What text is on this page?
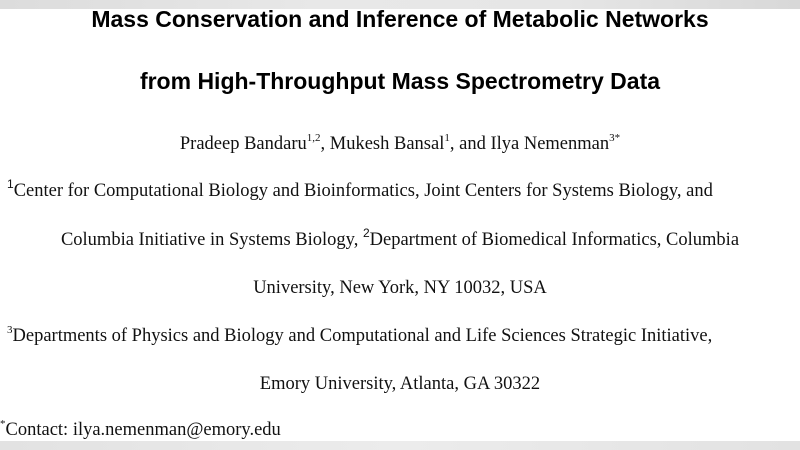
Mass Conservation and Inference of Metabolic Networks
from High-Throughput Mass Spectrometry Data
Pradeep Bandaru$^{1,2}$, Mukesh Bansal$^1$, and Ilya Nemenman$^{3*}$
$^1$Center for Computational Biology and Bioinformatics, Joint Centers for Systems Biology, and
Columbia Initiative in Systems Biology, $^2$Department of Biomedical Informatics, Columbia
University, New York, NY 10032, USA
$^3$Departments of Physics and Biology and Computational and Life Sciences Strategic Initiative,
Emory University, Atlanta, GA 30322
*Contact: ilya.nemenman@emory.edu
